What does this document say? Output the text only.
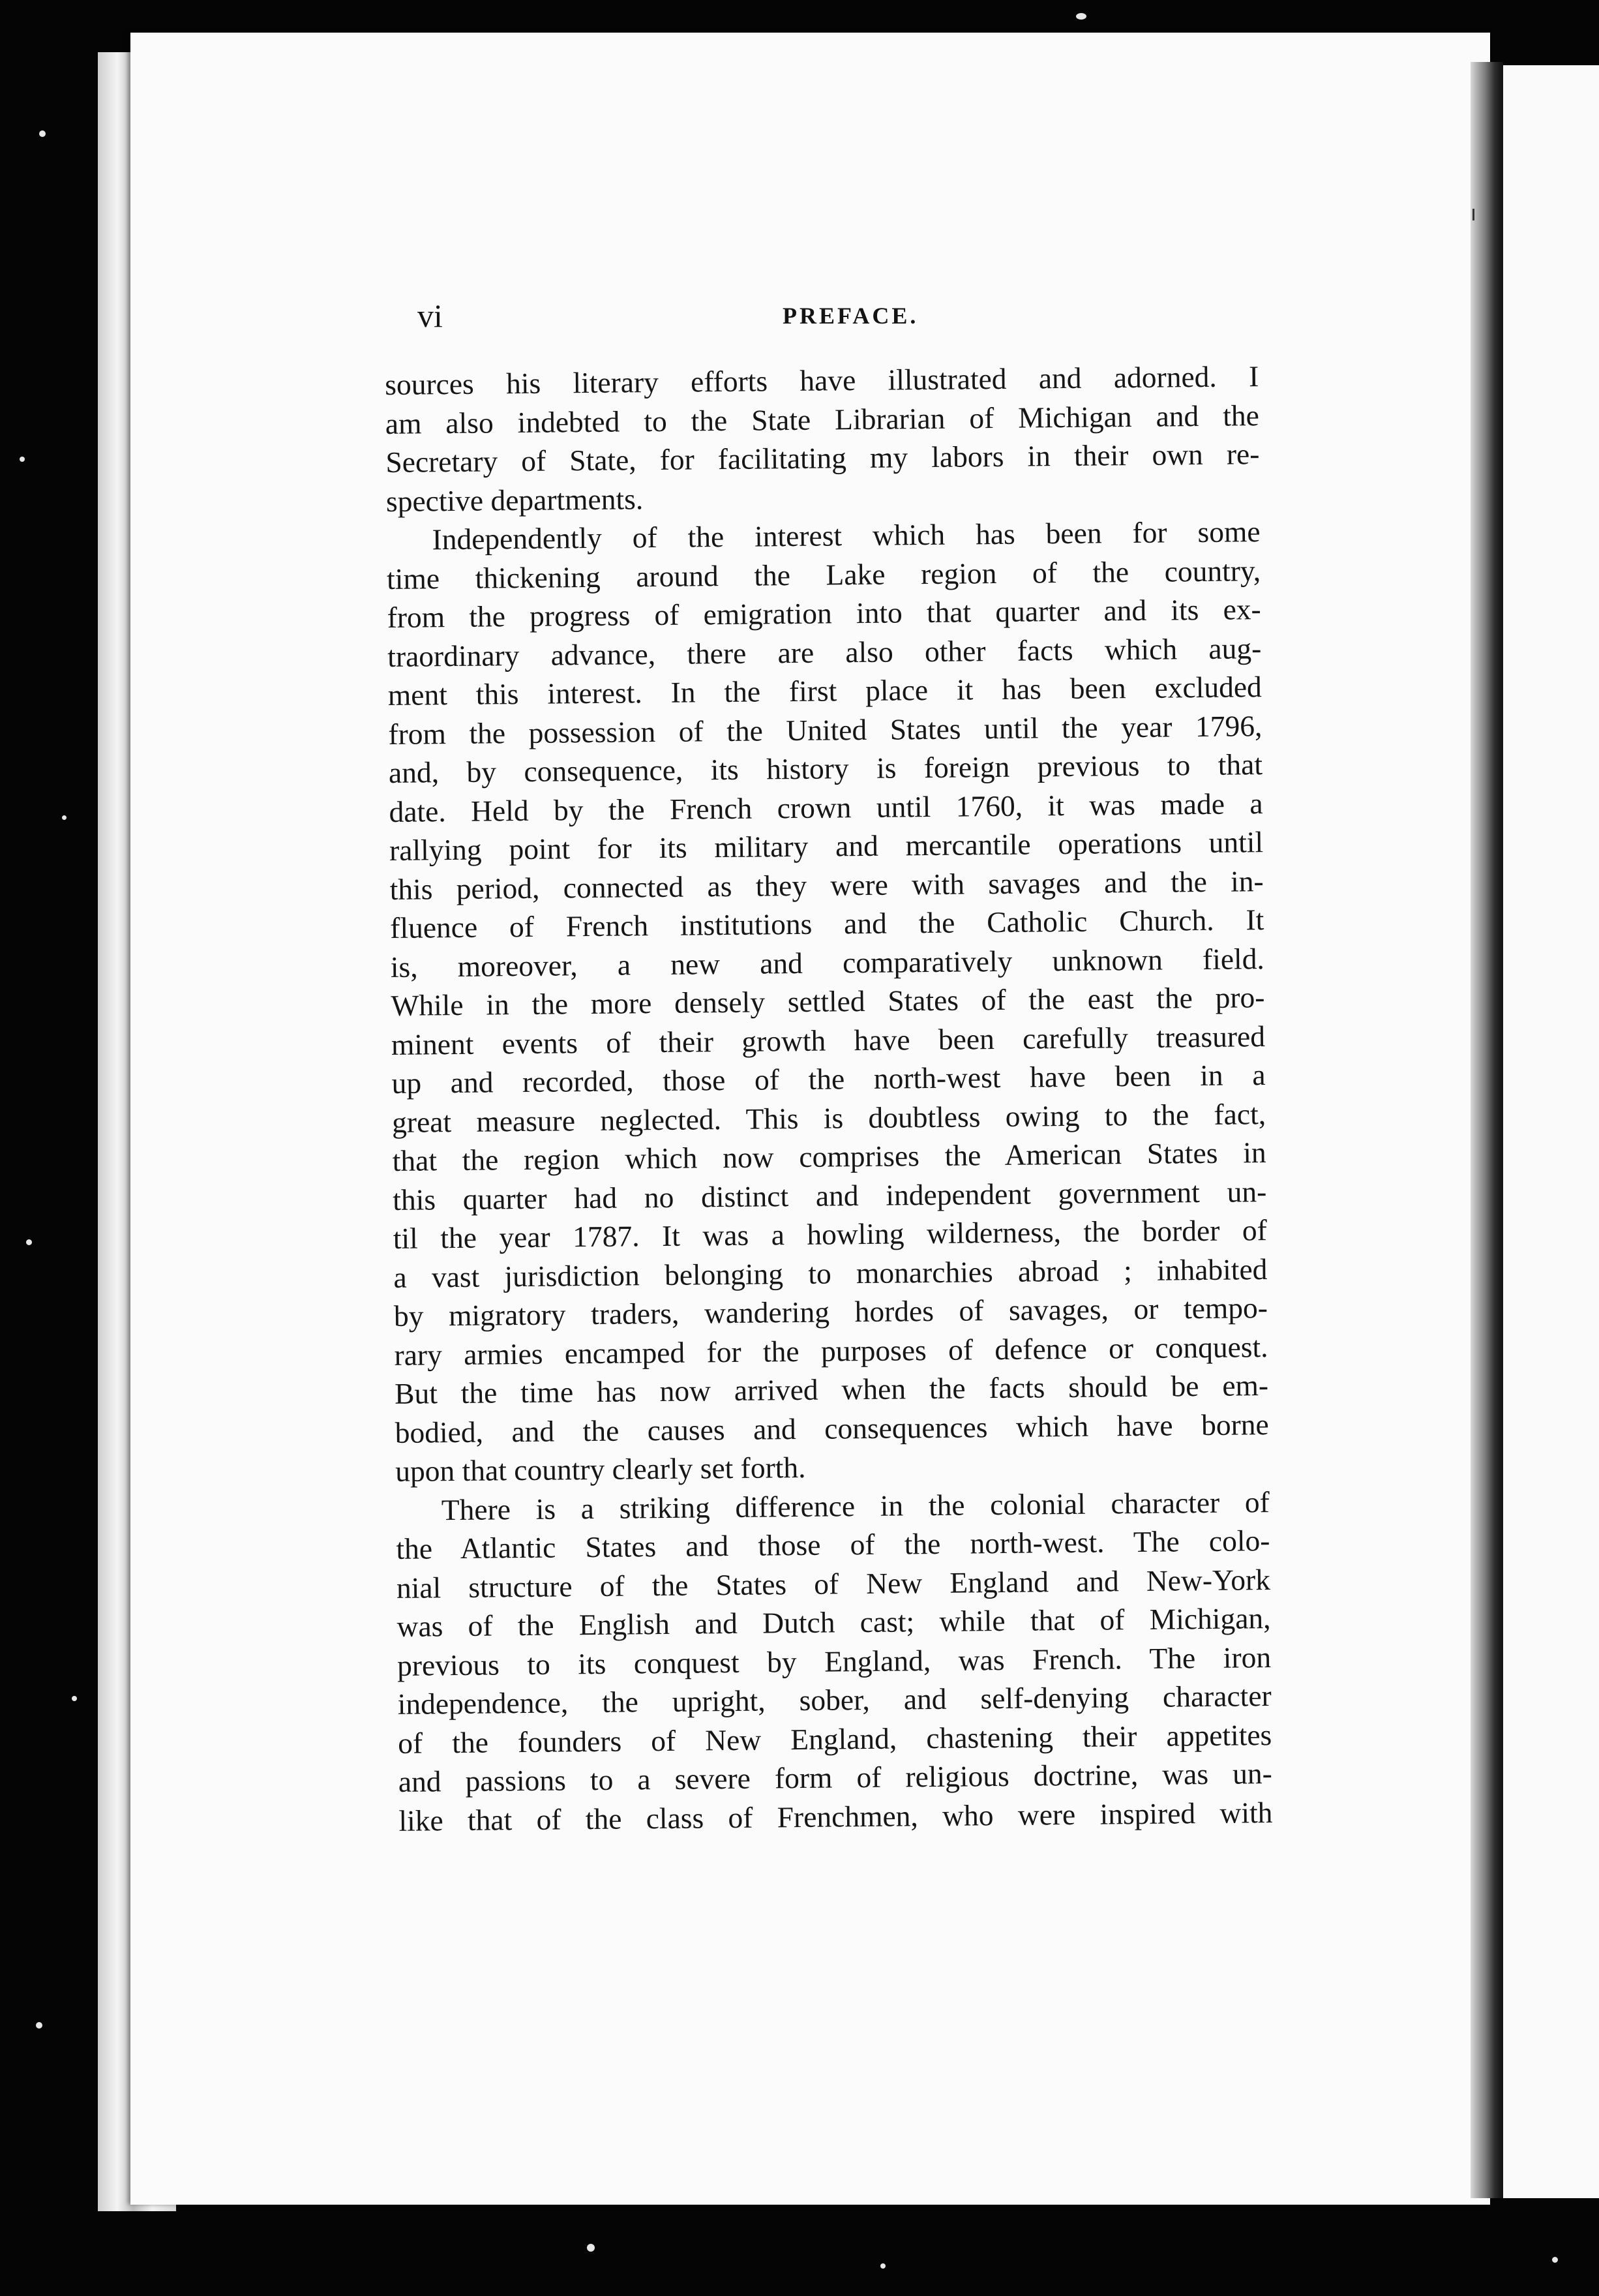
vi	PREFACE.
sources his literary efforts have illustrated and adorned. I
am also indebted to the State Librarian of Michigan and the
Secretary of State, for facilitating my labors in their own re-
spective departments.
Independently of the interest which has been for some
time thickening around the Lake region of the country,
from the progress of emigration into that quarter and its ex-
traordinary advance, there are also other facts which aug-
ment this interest. In the first place it has been excluded
from the possession of the United States until the year 1796,
and, by consequence, its history is foreign previous to that
date. Held by the French crown until 1760, it was made a
rallying point for its military and mercantile operations until
this period, connected as they were with savages and the in-
fluence of French institutions and the Catholic Church. It
is, moreover, a new and comparatively unknown field.
While in the more densely settled States of the east the pro-
minent events of their growth have been carefully treasured
up and recorded, those of the north-west have been in a
great measure neglected. This is doubtless owing to the fact,
that the region which now comprises the American States in
this quarter had no distinct and independent government un-
til the year 1787. It was a howling wilderness, the border of
a vast jurisdiction belonging to monarchies abroad ; inhabited
by migratory traders, wandering hordes of savages, or tempo-
rary armies encamped for the purposes of defence or conquest.
But the time has now arrived when the facts should be em-
bodied, and the causes and consequences which have borne
upon that country clearly set forth.
There is a striking difference in the colonial character of
the Atlantic States and those of the north-west. The colo-
nial structure of the States of New England and New-York
was of the English and Dutch cast; while that of Michigan,
previous to its conquest by England, was French. The iron
independence, the upright, sober, and self-denying character
of the founders of New England, chastening their appetites
and passions to a severe form of religious doctrine, was un-
like that of the class of Frenchmen, who were inspired with
